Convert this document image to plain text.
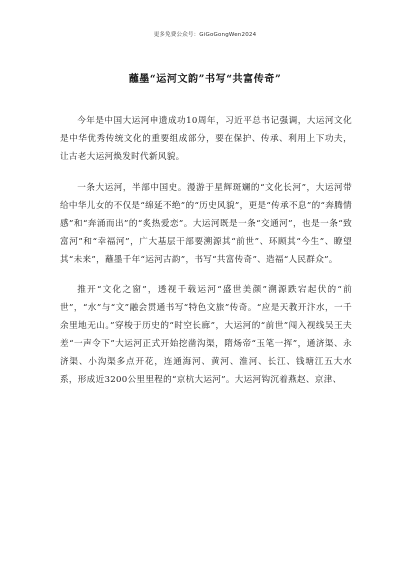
更多免费公众号：GiGoGongWen2024
蘸墨“运河文韵”书写“共富传奇”

今年是中国大运河申遗成功10周年，习近平总书记强调，大运河文化是中华优秀传统文化的重要组成部分，要在保护、传承、利用上下功夫，让古老大运河焕发时代新风貌。

一条大运河，半部中国史。漫游于星辉斑斓的“文化长河”，大运河带给中华儿女的不仅是“绵延不绝”的“历史风貌”，更是“传承不息”的“奔腾情感”和“奔涌而出”的“炙热爱恋”。大运河既是一条“交通河”，也是一条“致富河”和“幸福河”，广大基层干部要溯源其“前世”、环顾其“今生”、瞭望其“未来”，蘸墨千年“运河古韵”，书写“共富传奇”、造福“人民群众”。

推开“文化之窗”，透视千载运河“盛世美颜”溯源跌宕起伏的“前世”，“水”与“文”融会贯通书写“特色文旅”传奇。“应是天教开汴水，一千余里地无山。”穿梭于历史的“时空长廊”，大运河的“前世”闯入视线吴王夫差“一声令下”大运河正式开始挖凿沟渠，隋炀帝“玉笔一挥”，通济渠、永济渠、小沟渠多点开花，连通海河、黄河、淮河、长江、钱塘江五大水系，形成近3200公里里程的“京杭大运河”。大运河钩沉着燕赵、京津、
